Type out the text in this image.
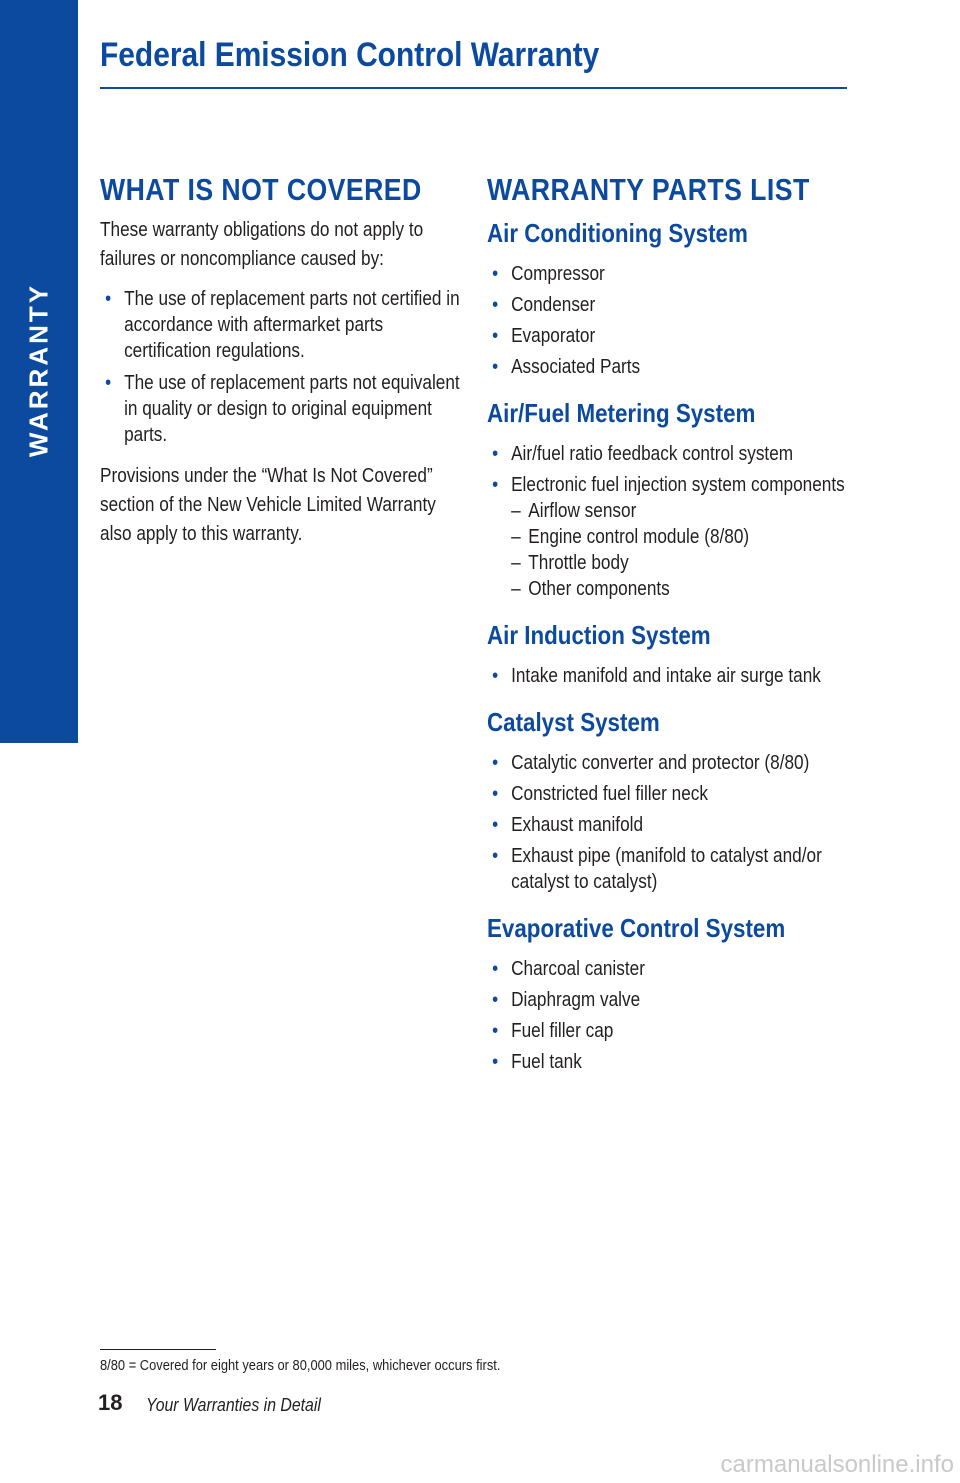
WARRANTY
Federal Emission Control Warranty
WHAT IS NOT COVERED

These warranty obligations do not apply to failures or noncompliance caused by:

• The use of replacement parts not certified in accordance with aftermarket parts certification regulations.
• The use of replacement parts not equivalent in quality or design to original equipment parts.

Provisions under the “What Is Not Covered” section of the New Vehicle Limited Warranty also apply to this warranty.

WARRANTY PARTS LIST
Air Conditioning System
• Compressor
• Condenser
• Evaporator
• Associated Parts
Air/Fuel Metering System
• Air/fuel ratio feedback control system
• Electronic fuel injection system components
– Airflow sensor
– Engine control module (8/80)
– Throttle body
– Other components
Air Induction System
• Intake manifold and intake air surge tank
Catalyst System
• Catalytic converter and protector (8/80)
• Constricted fuel filler neck
• Exhaust manifold
• Exhaust pipe (manifold to catalyst and/or catalyst to catalyst)
Evaporative Control System
• Charcoal canister
• Diaphragm valve
• Fuel filler cap
• Fuel tank
8/80 = Covered for eight years or 80,000 miles, whichever occurs first.
18 Your Warranties in Detail
carmanualsonline.info
